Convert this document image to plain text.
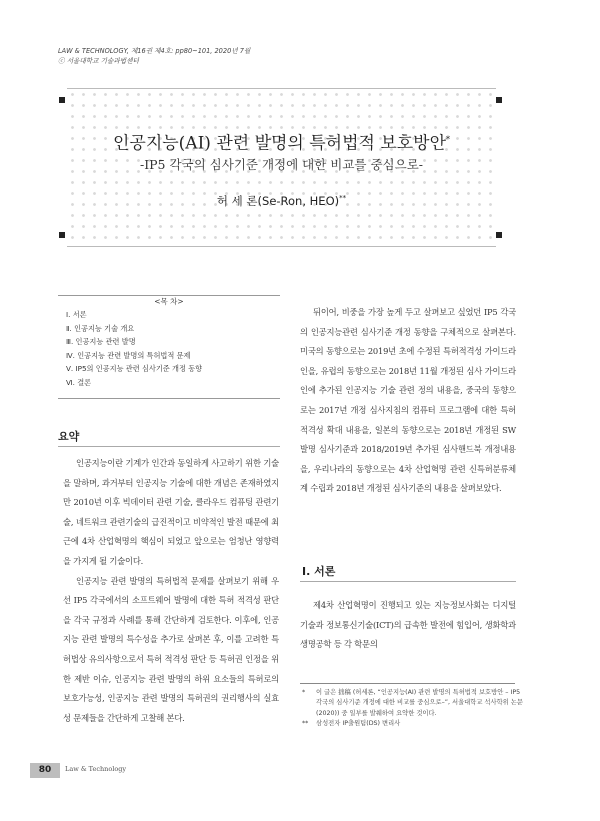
LAW & TECHNOLOGY, 제16권 제4호: pp80~101, 2020년 7월
ⓒ 서울대학교 기술과법센터
인공지능(AI) 관련 발명의 특허법적 보호방안*
-IP5 각국의 심사기준 개정에 대한 비교를 중심으로-
허 세 론(Se-Ron, HEO)**
<목 차>
Ⅰ. 서론
Ⅱ. 인공지능 기술 개요
Ⅲ. 인공지능 관련 발명
Ⅳ. 인공지능 관련 발명의 특허법적 문제
Ⅴ. IP5의 인공지능 관련 심사기준 개정 동향
Ⅵ. 결론
요약

인공지능이란 기계가 인간과 동일하게 사고하기 위한 기술을 말하며, 과거부터 인공지능 기술에 대한 개념은 존재하였지만 2010년 이후 빅데이터 관련 기술, 클라우드 컴퓨팅 관련기술, 네트워크 관련기술의 급진적이고 비약적인 발전 때문에 최근에 4차 산업혁명의 핵심이 되었고 앞으로는 엄청난 영향력을 가지게 될 기술이다.

인공지능 관련 발명의 특허법적 문제를 살펴보기 위해 우선 IP5 각국에서의 소프트웨어 발명에 대한 특허 적격성 판단을 각국 규정과 사례를 통해 간단하게 검토한다. 이후에, 인공지능 관련 발명의 특수성을 추가로 살펴본 후, 이를 고려한 특허법상 유의사항으로서 특허 적격성 판단 등 특허권 인정을 위한 제반 이슈, 인공지능 관련 발명의 하위 요소들의 특허로의 보호가능성, 인공지능 관련 발명의 특허권의 권리행사의 실효성 문제들을 간단하게 고찰해 본다.

뒤이어, 비중을 가장 높게 두고 살펴보고 싶었던 IP5 각국의 인공지능관련 심사기준 개정 동향을 구체적으로 살펴본다. 미국의 동향으로는 2019년 초에 수정된 특허적격성 가이드라인을, 유럽의 동향으로는 2018년 11월 개정된 심사 가이드라인에 추가된 인공지능 기술 관련 정의 내용을, 중국의 동향으로는 2017년 개정 심사지침의 컴퓨터 프로그램에 대한 특허적격성 확대 내용을, 일본의 동향으로는 2018년 개정된 SW발명 심사기준과 2018/2019년 추가된 심사핸드북 개정내용을, 우리나라의 동향으로는 4차 산업혁명 관련 신특허분류체계 수립과 2018년 개정된 심사기준의 내용을 살펴보았다.

Ⅰ. 서론

제4차 산업혁명이 진행되고 있는 지능정보사회는 디지털기술과 정보통신기술(ICT)의 급속한 발전에 힘입어, 생화학과 생명공학 등 각 학문의

* 이 글은 拙稿 (허세론, “인공지능(AI) 관련 발명의 특허법적 보호방안 – IP5 각국의 심사기준 개정에 대한 비교를 중심으로–”, 서울대학교 석사학위 논문(2020)) 중 일부를 발췌하여 요약한 것이다.
** 삼성전자 IP출원팀(DS) 변리사
80	Law & Technology
